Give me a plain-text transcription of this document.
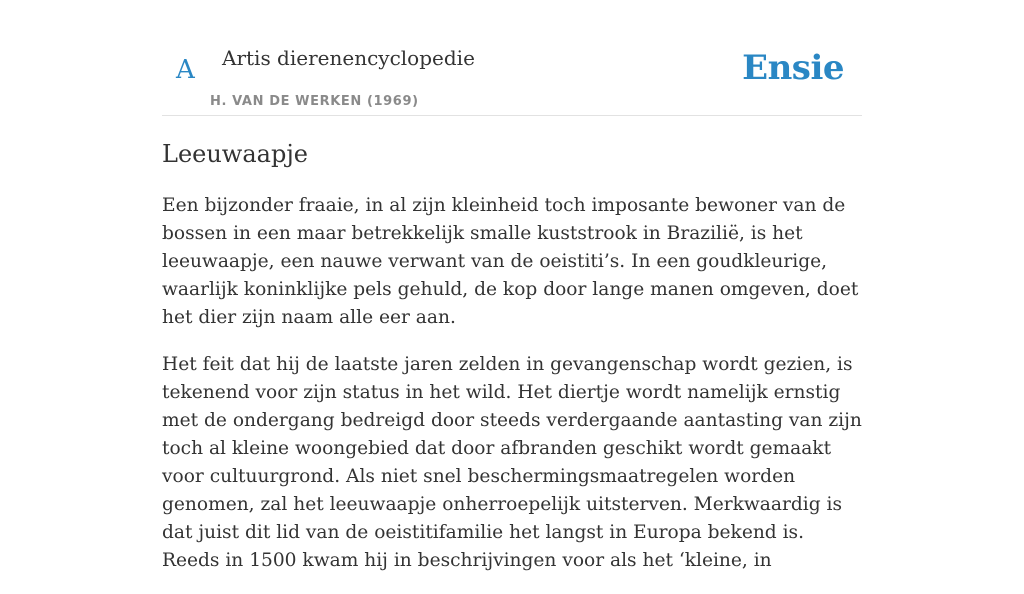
A Artis dierenencyclopedie
H. VAN DE WERKEN (1969)
Ensie
Leeuwaapje

Een bijzonder fraaie, in al zijn kleinheid toch imposante bewoner van de bossen in een maar betrekkelijk smalle kuststrook in Brazilië, is het leeuwaapje, een nauwe verwant van de oeistiti’s. In een goudkleurige, waarlijk koninklijke pels gehuld, de kop door lange manen omgeven, doet het dier zijn naam alle eer aan.

Het feit dat hij de laatste jaren zelden in gevangenschap wordt gezien, is tekenend voor zijn status in het wild. Het diertje wordt namelijk ernstig met de ondergang bedreigd door steeds verdergaande aantasting van zijn toch al kleine woongebied dat door afbranden geschikt wordt gemaakt voor cultuurgrond. Als niet snel beschermingsmaatregelen worden genomen, zal het leeuwaapje onherroepelijk uitsterven. Merkwaardig is dat juist dit lid van de oeistitifamilie het langst in Europa bekend is. Reeds in 1500 kwam hij in beschrijvingen voor als het ‘kleine, in
